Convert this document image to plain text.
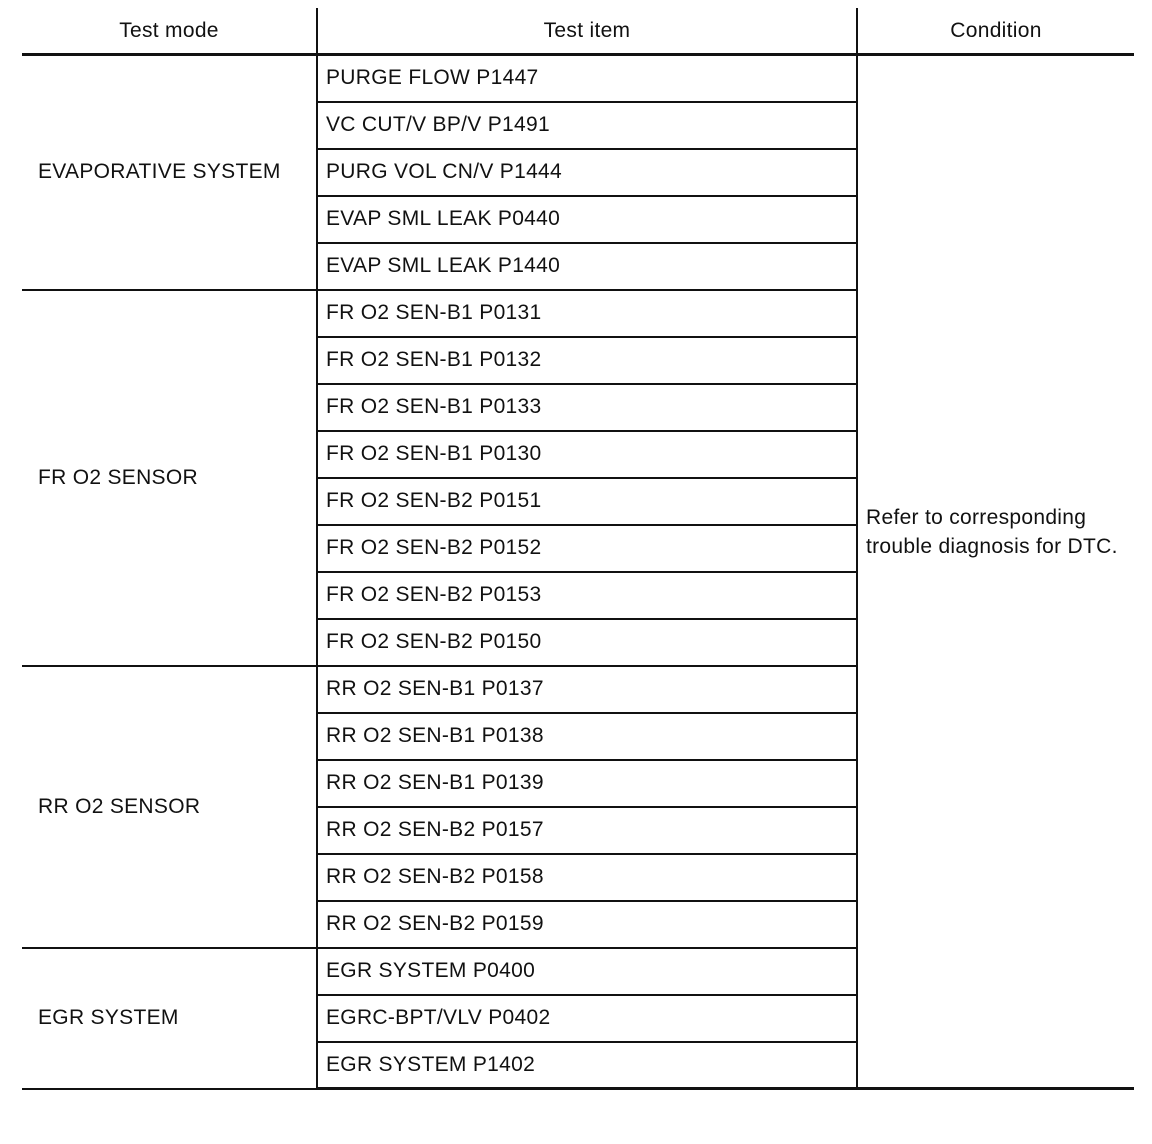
Test mode	Test item	Condition
EVAPORATIVE SYSTEM	PURGE FLOW P1447	Refer to corresponding trouble diagnosis for DTC.
	VC CUT/V BP/V P1491	
	PURG VOL CN/V P1444	
	EVAP SML LEAK P0440	
	EVAP SML LEAK P1440	
FR O2 SENSOR	FR O2 SEN-B1 P0131	
	FR O2 SEN-B1 P0132	
	FR O2 SEN-B1 P0133	
	FR O2 SEN-B1 P0130	
	FR O2 SEN-B2 P0151	
	FR O2 SEN-B2 P0152	
	FR O2 SEN-B2 P0153	
	FR O2 SEN-B2 P0150	
RR O2 SENSOR	RR O2 SEN-B1 P0137	
	RR O2 SEN-B1 P0138	
	RR O2 SEN-B1 P0139	
	RR O2 SEN-B2 P0157	
	RR O2 SEN-B2 P0158	
	RR O2 SEN-B2 P0159	
EGR SYSTEM	EGR SYSTEM P0400	
	EGRC-BPT/VLV P0402	
	EGR SYSTEM P1402	
